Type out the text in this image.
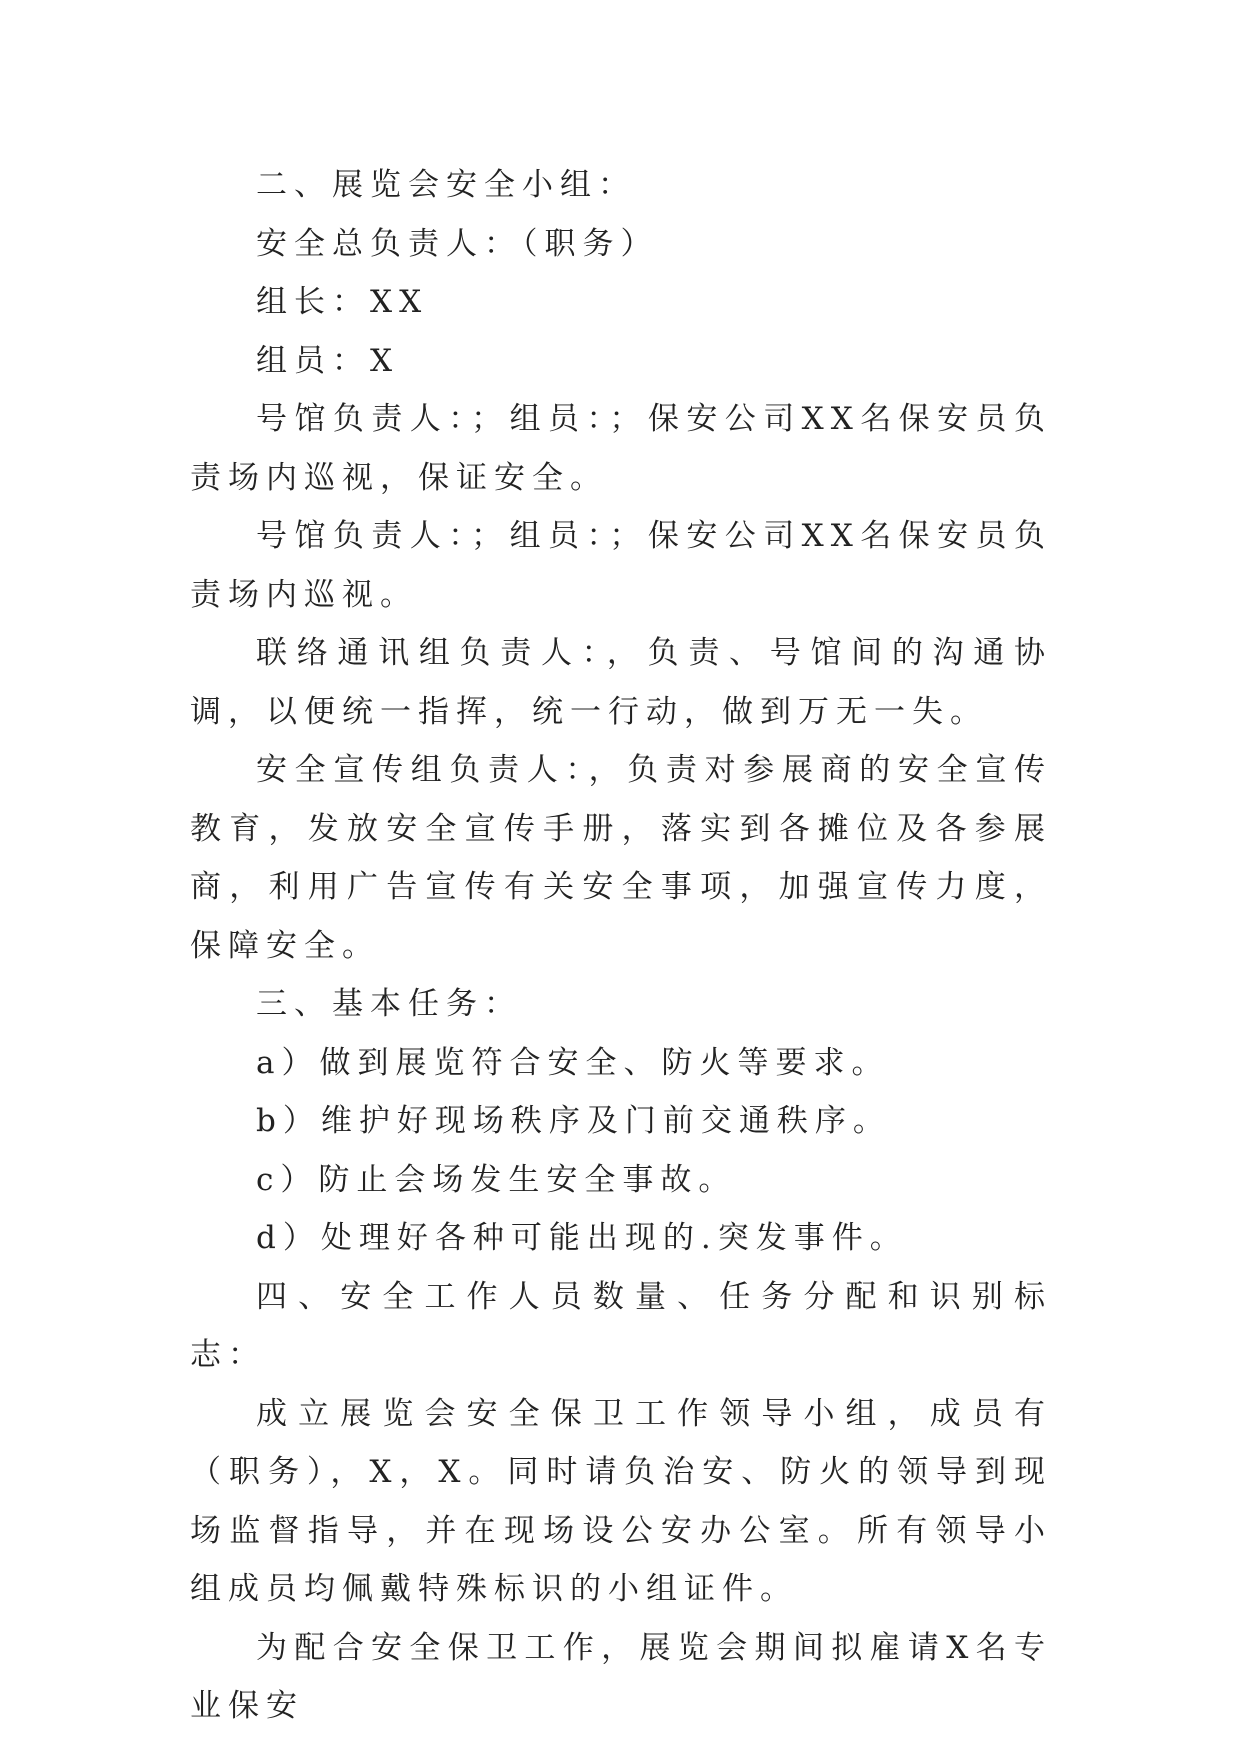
二、展览会安全小组：

安全总负责人：（职务）

组长：XX

组员：X

号馆负责人：；组员：；保安公司XX名保安员负责场内巡视，保证安全。

号馆负责人：；组员：；保安公司XX名保安员负责场内巡视。

联络通讯组负责人：，负责、号馆间的沟通协调，以便统一指挥，统一行动，做到万无一失。

安全宣传组负责人：，负责对参展商的安全宣传教育，发放安全宣传手册，落实到各摊位及各参展商，利用广告宣传有关安全事项，加强宣传力度，保障安全。

三、基本任务：

a）做到展览符合安全、防火等要求。

b）维护好现场秩序及门前交通秩序。

c）防止会场发生安全事故。

d）处理好各种可能出现的.突发事件。

四、安全工作人员数量、任务分配和识别标志：

成立展览会安全保卫工作领导小组，成员有（职务），X，X。同时请负治安、防火的领导到现场监督指导，并在现场设公安办公室。所有领导小组成员均佩戴特殊标识的小组证件。

为配合安全保卫工作，展览会期间拟雇请X名专业保安
